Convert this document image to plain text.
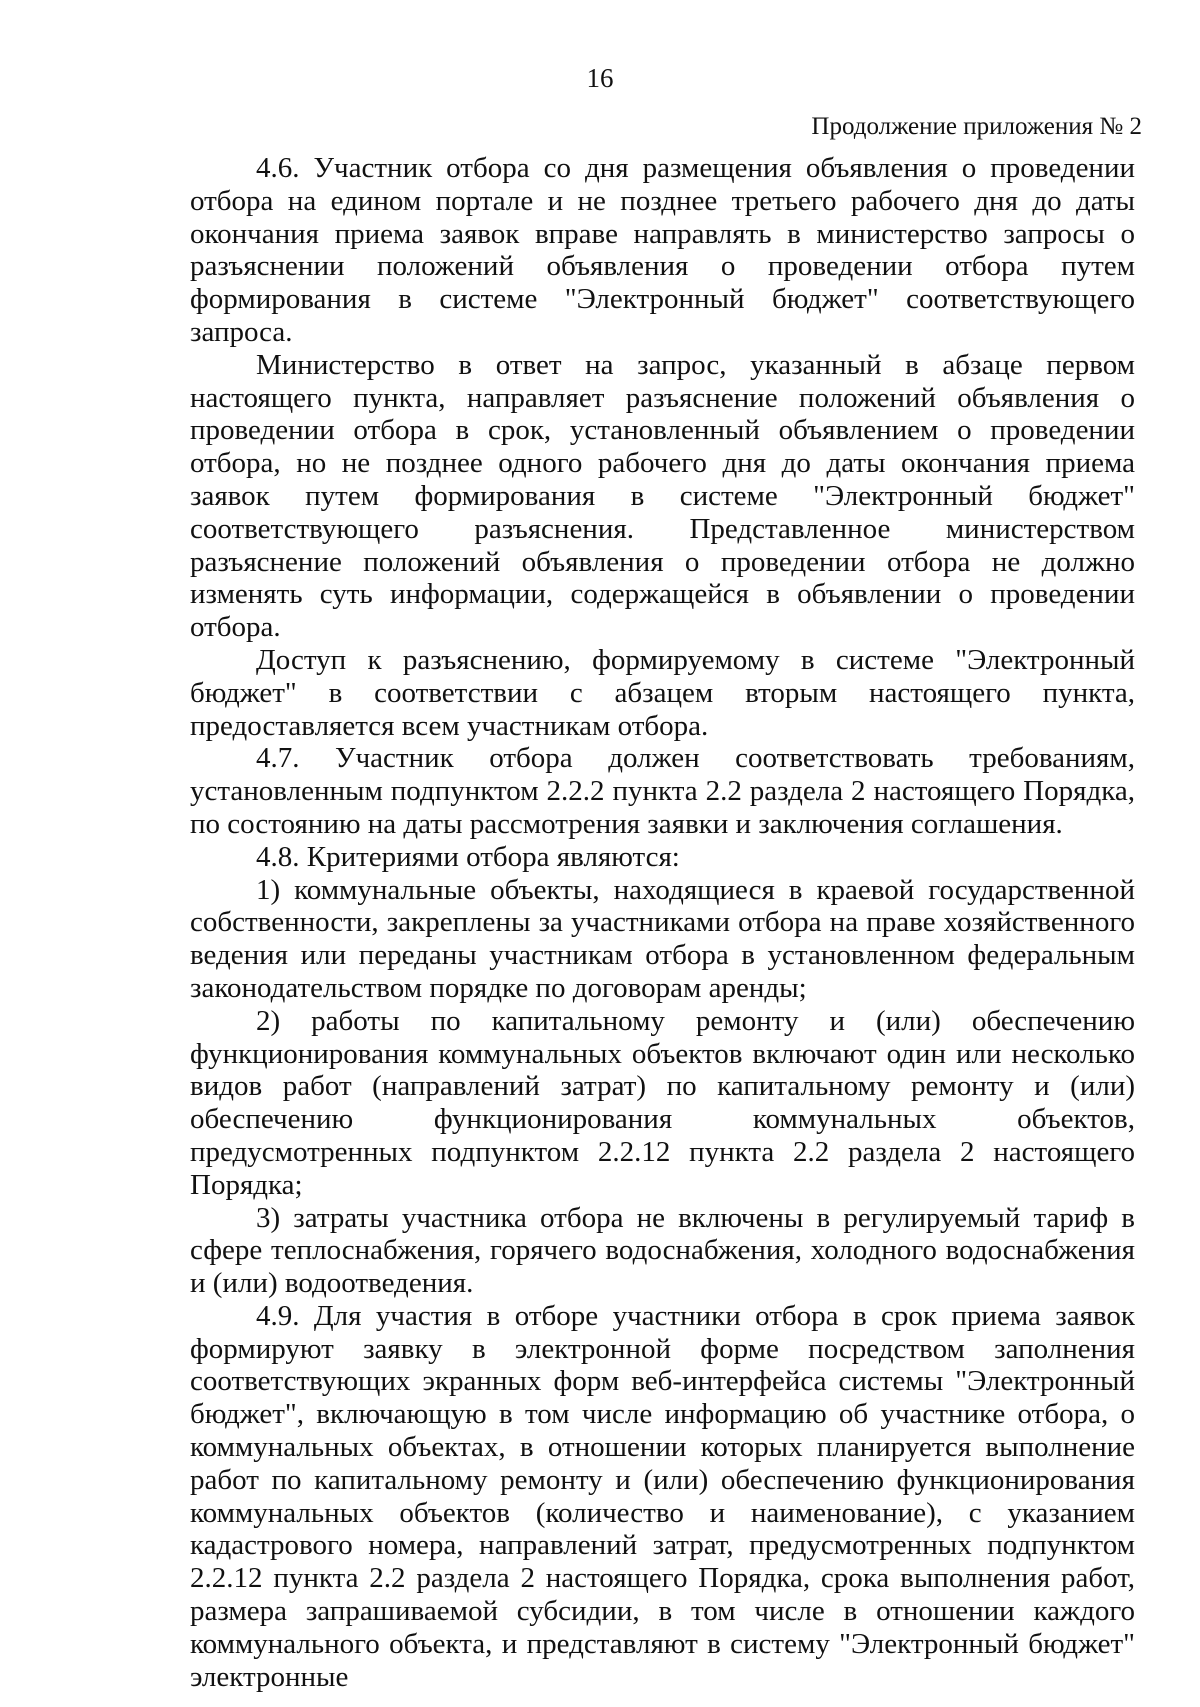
16
Продолжение приложения № 2

4.6. Участник отбора со дня размещения объявления о проведении отбора на едином портале и не позднее третьего рабочего дня до даты окончания приема заявок вправе направлять в министерство запросы о разъяснении положений объявления о проведении отбора путем формирования в системе "Электронный бюджет" соответствующего запроса.

Министерство в ответ на запрос, указанный в абзаце первом настоящего пункта, направляет разъяснение положений объявления о проведении отбора в срок, установленный объявлением о проведении отбора, но не позднее одного рабочего дня до даты окончания приема заявок путем формирования в системе "Электронный бюджет" соответствующего разъяснения. Представленное министерством разъяснение положений объявления о проведении отбора не должно изменять суть информации, содержащейся в объявлении о проведении отбора.

Доступ к разъяснению, формируемому в системе "Электронный бюджет" в соответствии с абзацем вторым настоящего пункта, предоставляется всем участникам отбора.

4.7. Участник отбора должен соответствовать требованиям, установленным подпунктом 2.2.2 пункта 2.2 раздела 2 настоящего Порядка, по состоянию на даты рассмотрения заявки и заключения соглашения.

4.8. Критериями отбора являются:

1) коммунальные объекты, находящиеся в краевой государственной собственности, закреплены за участниками отбора на праве хозяйственного ведения или переданы участникам отбора в установленном федеральным законодательством порядке по договорам аренды;

2) работы по капитальному ремонту и (или) обеспечению функционирования коммунальных объектов включают один или несколько видов работ (направлений затрат) по капитальному ремонту и (или) обеспечению функционирования коммунальных объектов, предусмотренных подпунктом 2.2.12 пункта 2.2 раздела 2 настоящего Порядка;

3) затраты участника отбора не включены в регулируемый тариф в сфере теплоснабжения, горячего водоснабжения, холодного водоснабжения и (или) водоотведения.

4.9. Для участия в отборе участники отбора в срок приема заявок формируют заявку в электронной форме посредством заполнения соответствующих экранных форм веб-интерфейса системы "Электронный бюджет", включающую в том числе информацию об участнике отбора, о коммунальных объектах, в отношении которых планируется выполнение работ по капитальному ремонту и (или) обеспечению функционирования коммунальных объектов (количество и наименование), с указанием кадастрового номера, направлений затрат, предусмотренных подпунктом 2.2.12 пункта 2.2 раздела 2 настоящего Порядка, срока выполнения работ, размера запрашиваемой субсидии, в том числе в отношении каждого коммунального объекта, и представляют в систему "Электронный бюджет" электронные
